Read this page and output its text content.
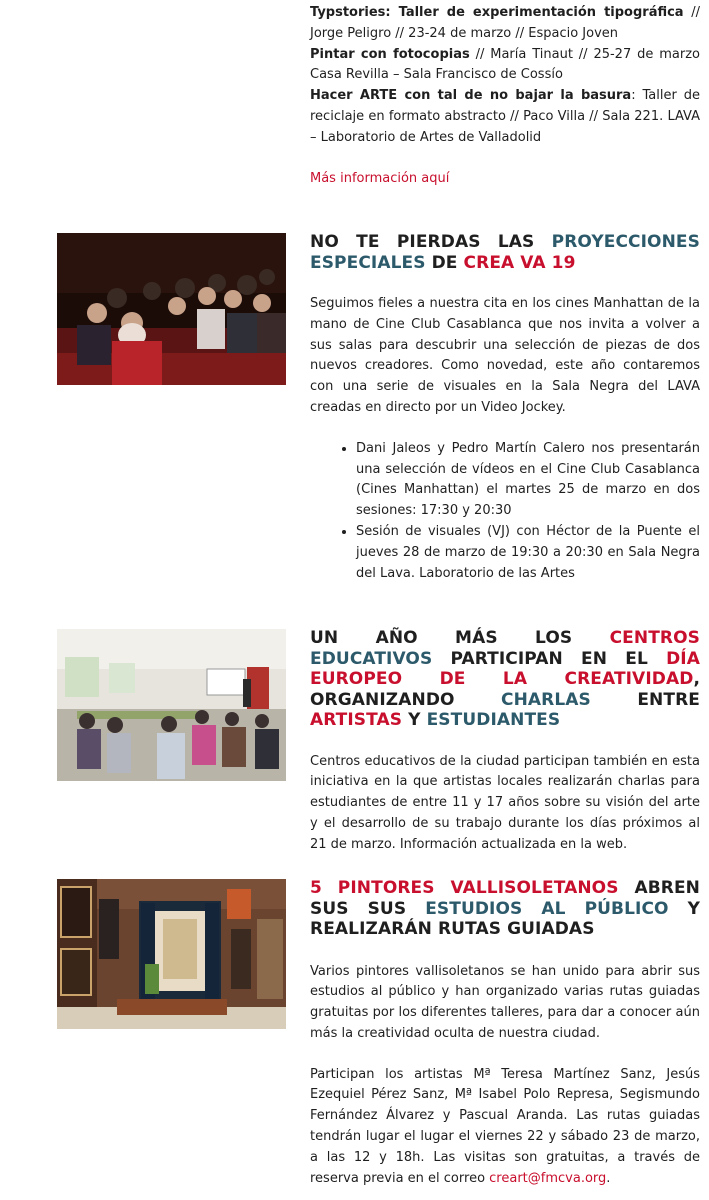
Typstories: Taller de experimentación tipográfica // Jorge Peligro // 23-24 de marzo // Espacio Joven

Pintar con fotocopias // María Tinaut // 25-27 de marzo Casa Revilla – Sala Francisco de Cossío

Hacer ARTE con tal de no bajar la basura: Taller de reciclaje en formato abstracto // Paco Villa // Sala 221. LAVA – Laboratorio de Artes de Valladolid

Más información aquí

NO TE PIERDAS LAS PROYECCIONES ESPECIALES DE CREA VA 19

Seguimos fieles a nuestra cita en los cines Manhattan de la mano de Cine Club Casablanca que nos invita a volver a sus salas para descubrir una selección de piezas de dos nuevos creadores. Como novedad, este año contaremos con una serie de visuales en la Sala Negra del LAVA creadas en directo por un Video Jockey.

• Dani Jaleos y Pedro Martín Calero nos presentarán una selección de vídeos en el Cine Club Casablanca (Cines Manhattan) el martes 25 de marzo en dos sesiones: 17:30 y 20:30
• Sesión de visuales (VJ) con Héctor de la Puente el jueves 28 de marzo de 19:30 a 20:30 en Sala Negra del Lava. Laboratorio de las Artes
UN AÑO MÁS LOS CENTROS EDUCATIVOS PARTICIPAN EN EL DÍA EUROPEO DE LA CREATIVIDAD, ORGANIZANDO CHARLAS ENTRE ARTISTAS Y ESTUDIANTES

Centros educativos de la ciudad participan también en esta iniciativa en la que artistas locales realizarán charlas para estudiantes de entre 11 y 17 años sobre su visión del arte y el desarrollo de su trabajo durante los días próximos al 21 de marzo. Información actualizada en la web.

5 PINTORES VALLISOLETANOS ABREN SUS SUS ESTUDIOS AL PÚBLICO Y REALIZARÁN RUTAS GUIADAS

Varios pintores vallisoletanos se han unido para abrir sus estudios al público y han organizado varias rutas guiadas gratuitas por los diferentes talleres, para dar a conocer aún más la creatividad oculta de nuestra ciudad.

Participan los artistas Mª Teresa Martínez Sanz, Jesús Ezequiel Pérez Sanz, Mª Isabel Polo Represa, Segismundo Fernández Álvarez y Pascual Aranda. Las rutas guiadas tendrán lugar el lugar el viernes 22 y sábado 23 de marzo, a las 12 y 18h. Las visitas son gratuitas, a través de reserva previa en el correo creart@fmcva.org.
